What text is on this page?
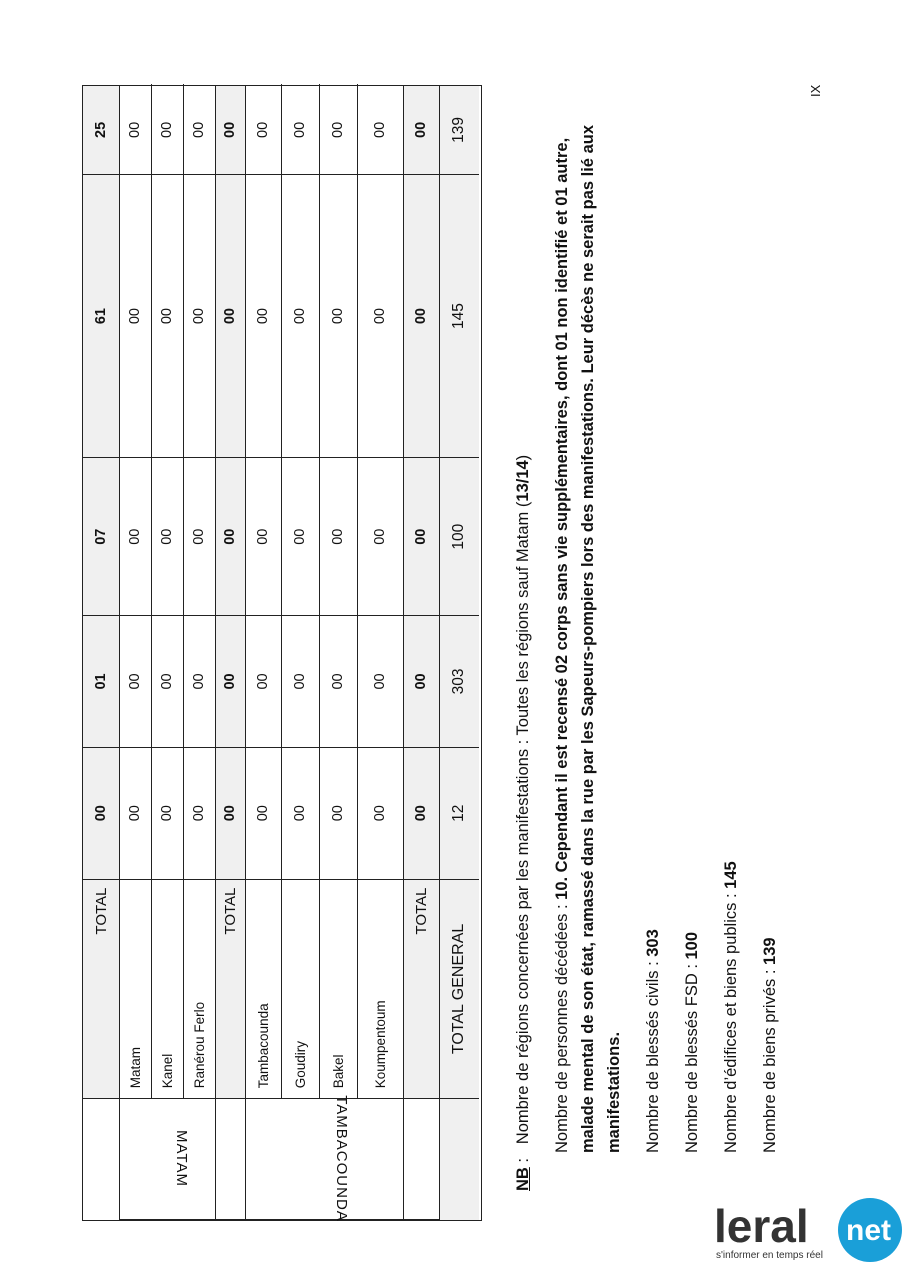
TOTAL
00
01
07
61
25
Matam
00
00
00
00
00
Kanel
00
00
00
00
00
Ranérou Ferlo
00
00
00
00
00
TOTAL
00
00
00
00
00
Tambacounda
00
00
00
00
00
Goudiry
00
00
00
00
00
Bakel
00
00
00
00
00
Koumpentoum
00
00
00
00
00
TOTAL
00
00
00
00
00
TOTAL GENERAL
12
303
100
145
139
MATAM	TAMBACOUNDA	NB :   Nombre de régions concernées par les manifestations : Toutes les régions sauf Matam (13/14)

Nombre de personnes décédées : 10. Cependant il est recensé 02 corps sans vie supplémentaires, dont 01 non identifié et 01 autre, malade mental de son état, ramassé dans la rue par les Sapeurs-pompiers lors des manifestations. Leur décès ne serait pas lié aux manifestations. Nombre de blessés civils : 303

Nombre de blessés FSD : 100 Nombre d’édifices et biens publics : 145

Nombre de biens privés : 139

IX
leral net
s'informer en temps réel
